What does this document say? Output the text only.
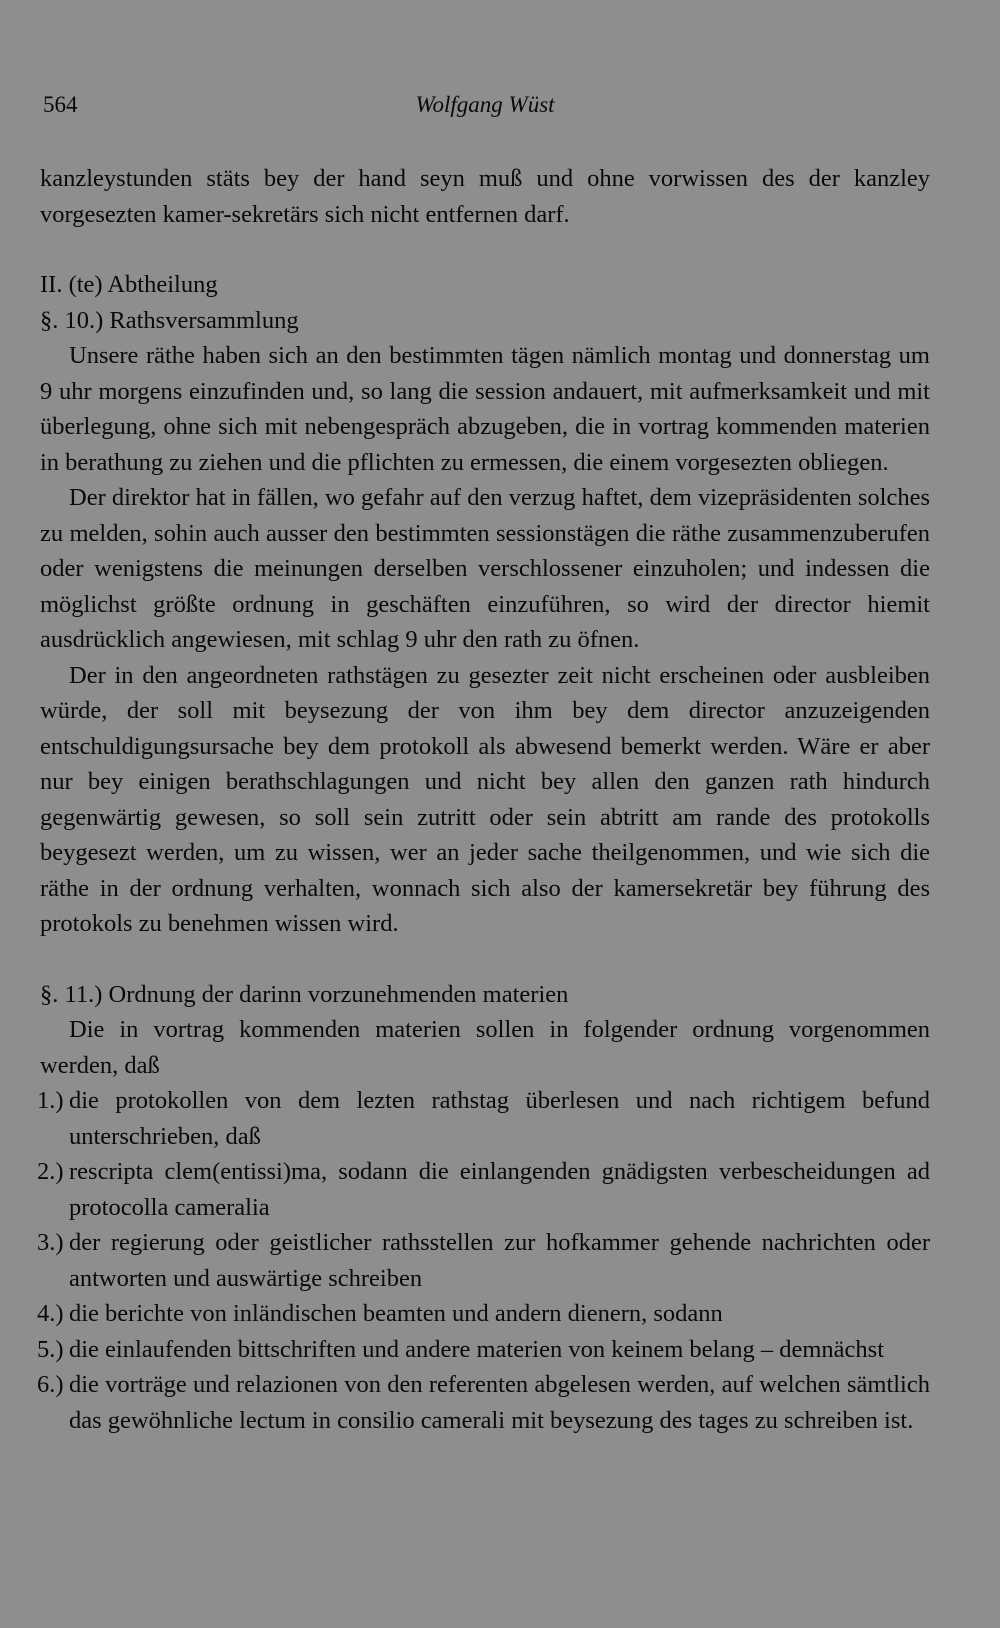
564	Wolfgang Wüst

kanzleystunden stäts bey der hand seyn muß und ohne vorwissen des der kanzley vorgesezten kamer-sekretärs sich nicht entfernen darf.

II. (te) Abtheilung
§. 10.) Rathsversammlung

Unsere räthe haben sich an den bestimmten tägen nämlich montag und donnerstag um 9 uhr morgens einzufinden und, so lang die session andauert, mit aufmerksamkeit und mit überlegung, ohne sich mit nebengespräch abzugeben, die in vortrag kommenden materien in berathung zu ziehen und die pflichten zu ermessen, die einem vorgesezten obliegen.

Der direktor hat in fällen, wo gefahr auf den verzug haftet, dem vizepräsidenten solches zu melden, sohin auch ausser den bestimmten sessionstägen die räthe zusammenzuberufen oder wenigstens die meinungen derselben verschlossener einzuholen; und indessen die möglichst größte ordnung in geschäften einzuführen, so wird der director hiemit ausdrücklich angewiesen, mit schlag 9 uhr den rath zu öfnen.

Der in den angeordneten rathstägen zu gesezter zeit nicht erscheinen oder ausbleiben würde, der soll mit beysezung der von ihm bey dem director anzuzeigenden entschuldigungsursache bey dem protokoll als abwesend bemerkt werden. Wäre er aber nur bey einigen berathschlagungen und nicht bey allen den ganzen rath hindurch gegenwärtig gewesen, so soll sein zutritt oder sein abtritt am rande des protokolls beygesezt werden, um zu wissen, wer an jeder sache theilgenommen, und wie sich die räthe in der ordnung verhalten, wonnach sich also der kamersekretär bey führung des protokols zu benehmen wissen wird.

§. 11.) Ordnung der darinn vorzunehmenden materien

Die in vortrag kommenden materien sollen in folgender ordnung vorgenommen werden, daß

1.) die protokollen von dem lezten rathstag überlesen und nach richtigem befund unterschrieben, daß
2.) rescripta clem(entissi)ma, sodann die einlangenden gnädigsten verbescheidungen ad protocolla cameralia
3.) der regierung oder geistlicher rathsstellen zur hofkammer gehende nachrichten oder antworten und auswärtige schreiben
4.) die berichte von inländischen beamten und andern dienern, sodann
5.) die einlaufenden bittschriften und andere materien von keinem belang – demnächst
6.) die vorträge und relazionen von den referenten abgelesen werden, auf welchen sämtlich das gewöhnliche lectum in consilio camerali mit beysezung des tages zu schreiben ist.
